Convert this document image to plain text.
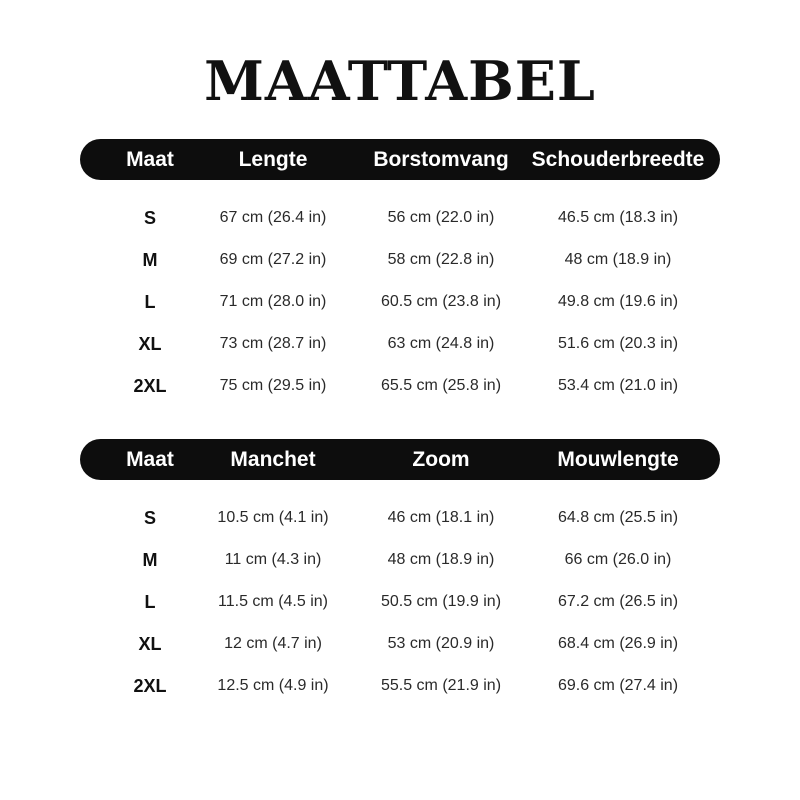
MAATTABEL
Maat	Lengte	Borstomvang	Schouderbreedte
S	67 cm (26.4 in)	56 cm (22.0 in)	46.5 cm (18.3 in)
M	69 cm (27.2 in)	58 cm (22.8 in)	48 cm (18.9 in)
L	71 cm (28.0 in)	60.5 cm (23.8 in)	49.8 cm (19.6 in)
XL	73 cm (28.7 in)	63 cm (24.8 in)	51.6 cm (20.3 in)
2XL	75 cm (29.5 in)	65.5 cm (25.8 in)	53.4 cm (21.0 in)
Maat	Manchet	Zoom	Mouwlengte
S	10.5 cm (4.1 in)	46 cm (18.1 in)	64.8 cm (25.5 in)
M	11 cm (4.3 in)	48 cm (18.9 in)	66 cm (26.0 in)
L	11.5 cm (4.5 in)	50.5 cm (19.9 in)	67.2 cm (26.5 in)
XL	12 cm (4.7 in)	53 cm (20.9 in)	68.4 cm (26.9 in)
2XL	12.5 cm (4.9 in)	55.5 cm (21.9 in)	69.6 cm (27.4 in)
